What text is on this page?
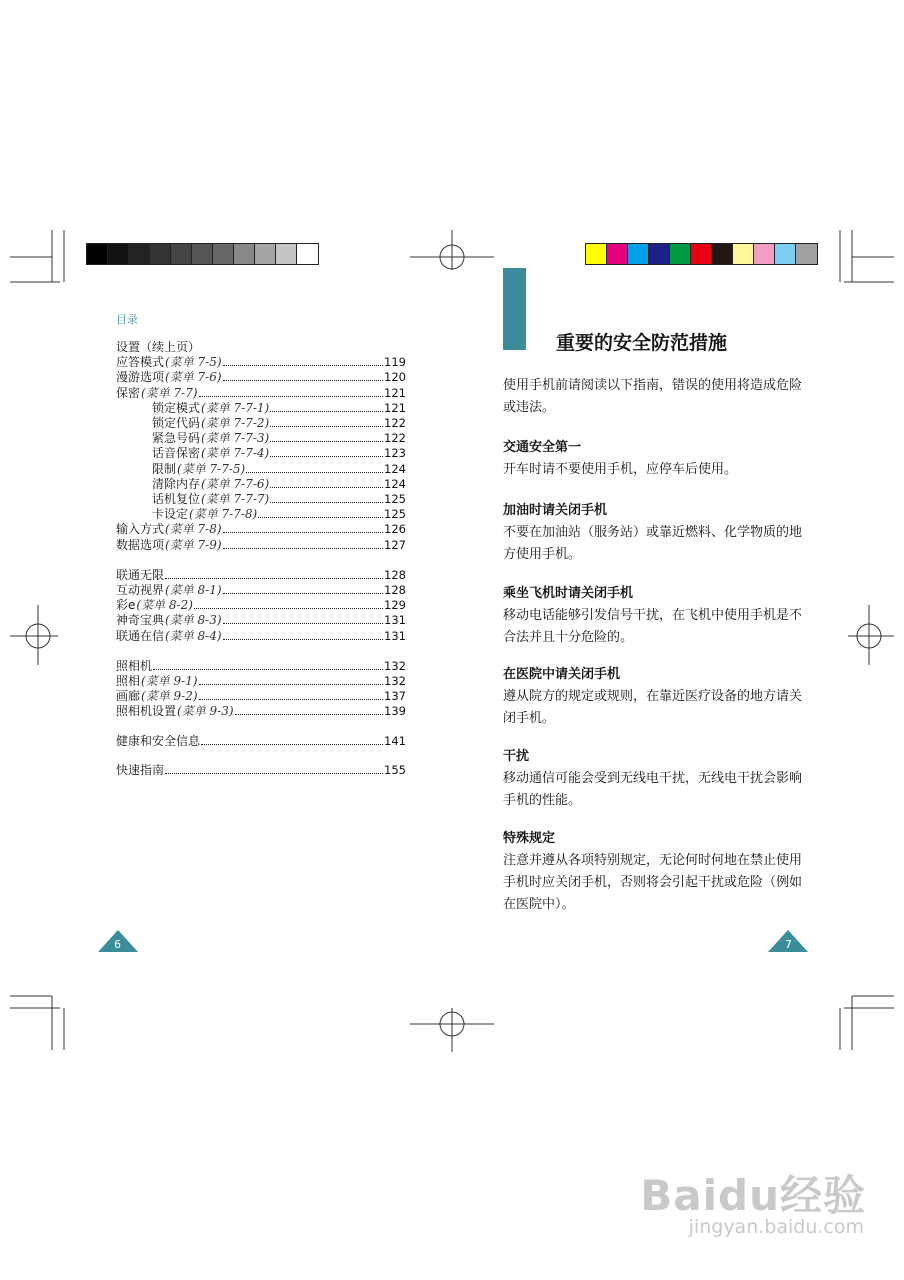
目录
设置（续上页）
应答模式 (菜单 7-5)	119
漫游选项 (菜单 7-6)	120
保密 (菜单 7-7)	121
锁定模式 (菜单 7-7-1)	121
锁定代码 (菜单 7-7-2)	122
紧急号码 (菜单 7-7-3)	122
话音保密 (菜单 7-7-4)	123
限制 (菜单 7-7-5)	124
清除内存 (菜单 7-7-6)	124
话机复位 (菜单 7-7-7)	125
卡设定 (菜单 7-7-8)	125
输入方式 (菜单 7-8)	126
数据选项 (菜单 7-9)	127
联通无限	128
互动视界 (菜单 8-1)	128
彩e (菜单 8-2)	129
神奇宝典 (菜单 8-3)	131
联通在信 (菜单 8-4)	131
照相机	132
照相 (菜单 9-1)	132
画廊 (菜单 9-2)	137
照相机设置 (菜单 9-3)	139
健康和安全信息	141
快速指南	155
6
重要的安全防范措施
使用手机前请阅读以下指南，错误的使用将造成危险或违法。
交通安全第一
开车时请不要使用手机，应停车后使用。
加油时请关闭手机
不要在加油站（服务站）或靠近燃料、化学物质的地方使用手机。
乘坐飞机时请关闭手机
移动电话能够引发信号干扰，在飞机中使用手机是不合法并且十分危险的。
在医院中请关闭手机
遵从院方的规定或规则，在靠近医疗设备的地方请关闭手机。
干扰
移动通信可能会受到无线电干扰，无线电干扰会影响手机的性能。
特殊规定
注意并遵从各项特别规定，无论何时何地在禁止使用手机时应关闭手机，否则将会引起干扰或危险（例如在医院中）。
7
Baidu经验
jingyan.baidu.com
